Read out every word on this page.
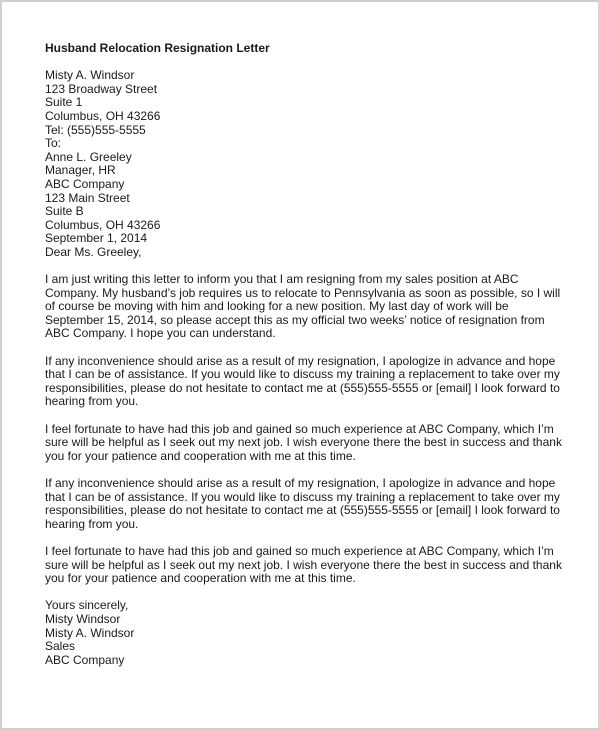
Husband Relocation Resignation Letter
Misty A. Windsor
123 Broadway Street
Suite 1
Columbus, OH 43266
Tel: (555)555-5555
To:
Anne L. Greeley
Manager, HR
ABC Company
123 Main Street
Suite B
Columbus, OH 43266
September 1, 2014
Dear Ms. Greeley,
I am just writing this letter to inform you that I am resigning from my sales position at ABC
Company. My husband’s job requires us to relocate to Pennsylvania as soon as possible, so I will
of course be moving with him and looking for a new position. My last day of work will be
September 15, 2014, so please accept this as my official two weeks’ notice of resignation from
ABC Company. I hope you can understand.
If any inconvenience should arise as a result of my resignation, I apologize in advance and hope
that I can be of assistance. If you would like to discuss my training a replacement to take over my
responsibilities, please do not hesitate to contact me at (555)555-5555 or [email] I look forward to
hearing from you.
I feel fortunate to have had this job and gained so much experience at ABC Company, which I’m
sure will be helpful as I seek out my next job. I wish everyone there the best in success and thank
you for your patience and cooperation with me at this time.
If any inconvenience should arise as a result of my resignation, I apologize in advance and hope
that I can be of assistance. If you would like to discuss my training a replacement to take over my
responsibilities, please do not hesitate to contact me at (555)555-5555 or [email] I look forward to
hearing from you.
I feel fortunate to have had this job and gained so much experience at ABC Company, which I’m
sure will be helpful as I seek out my next job. I wish everyone there the best in success and thank
you for your patience and cooperation with me at this time.
Yours sincerely,
Misty Windsor
Misty A. Windsor
Sales
ABC Company
